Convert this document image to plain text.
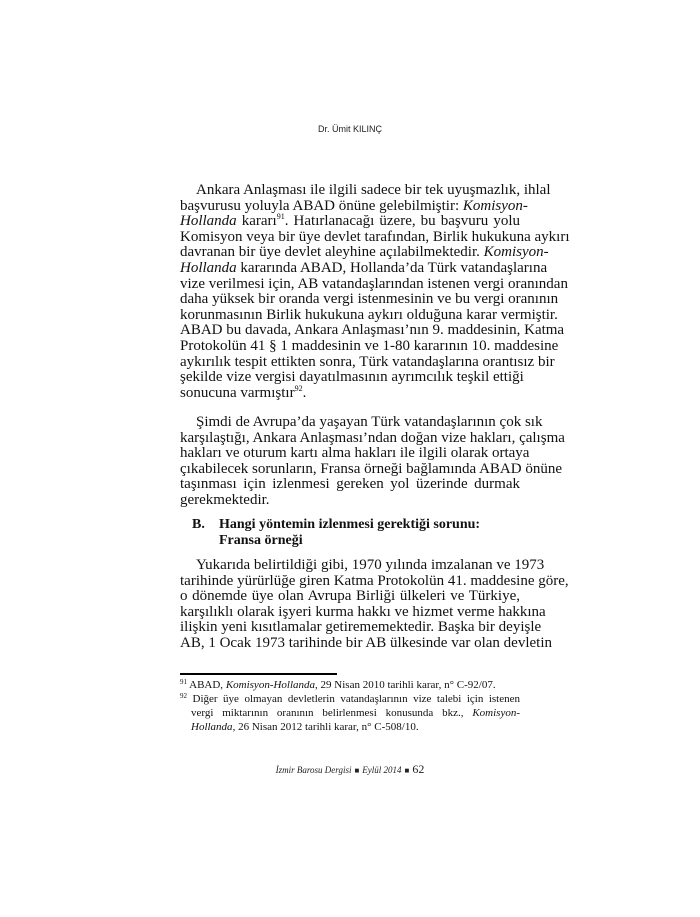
Dr. Ümit KILINÇ
Ankara Anlaşması ile ilgili sadece bir tek uyuşmazlık, ihlal
başvurusu yoluyla ABAD önüne gelebilmiştir: Komisyon-
Hollanda kararı$^{91}$. Hatırlanacağı üzere, bu başvuru yolu
Komisyon veya bir üye devlet tarafından, Birlik hukukuna aykırı
davranan bir üye devlet aleyhine açılabilmektedir. Komisyon-
Hollanda kararında ABAD, Hollanda’da Türk vatandaşlarına
vize verilmesi için, AB vatandaşlarından istenen vergi oranından
daha yüksek bir oranda vergi istenmesinin ve bu vergi oranının
korunmasının Birlik hukukuna aykırı olduğuna karar vermiştir.
ABAD bu davada, Ankara Anlaşması’nın 9. maddesinin, Katma
Protokolün 41 § 1 maddesinin ve 1-80 kararının 10. maddesine
aykırılık tespit ettikten sonra, Türk vatandaşlarına orantısız bir
şekilde vize vergisi dayatılmasının ayrımcılık teşkil ettiği
sonucuna varmıştır$^{92}$.
Şimdi de Avrupa’da yaşayan Türk vatandaşlarının çok sık
karşılaştığı, Ankara Anlaşması’ndan doğan vize hakları, çalışma
hakları ve oturum kartı alma hakları ile ilgili olarak ortaya
çıkabilecek sorunların, Fransa örneği bağlamında ABAD önüne
taşınması için izlenmesi gereken yol üzerinde durmak
gerekmektedir.
B. Hangi yöntemin izlenmesi gerektiği sorunu:
Fransa örneği
Yukarıda belirtildiği gibi, 1970 yılında imzalanan ve 1973
tarihinde yürürlüğe giren Katma Protokolün 41. maddesine göre,
o dönemde üye olan Avrupa Birliği ülkeleri ve Türkiye,
karşılıklı olarak işyeri kurma hakkı ve hizmet verme hakkına
ilişkin yeni kısıtlamalar getirememektedir. Başka bir deyişle
AB, 1 Ocak 1973 tarihinde bir AB ülkesinde var olan devletin
$^{91}$ ABAD, Komisyon-Hollanda, 29 Nisan 2010 tarihli karar, n° C-92/07.
$^{92}$ Diğer üye olmayan devletlerin vatandaşlarının vize talebi için istenen
vergi miktarının oranının belirlenmesi konusunda bkz., Komisyon-
Hollanda, 26 Nisan 2012 tarihli karar, n° C-508/10.
İzmir Barosu Dergisi ■ Eylül 2014 ■ 62
